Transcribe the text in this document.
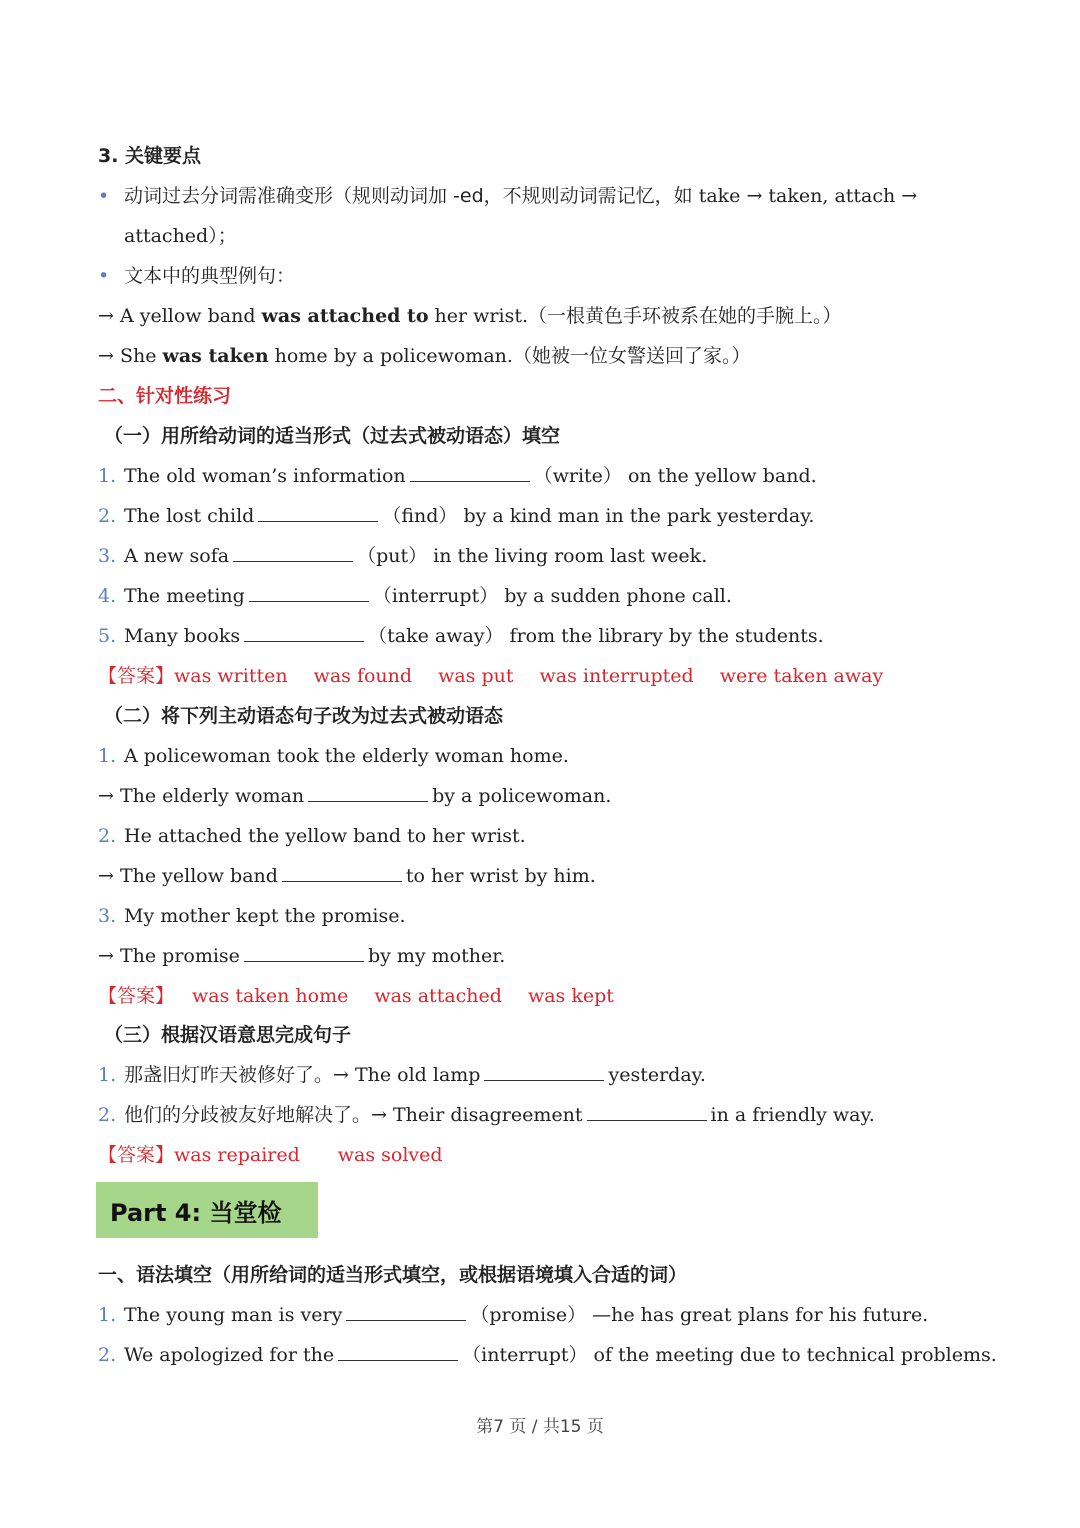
3. 关键要点
• 动词过去分词需准确变形（规则动词加 -ed，不规则动词需记忆，如 take → taken, attach →
attached）；
• 文本中的典型例句：
→ A yellow band was attached to her wrist.（一根黄色手环被系在她的手腕上。）
→ She was taken home by a policewoman.（她被一位女警送回了家。）
二、针对性练习
（一）用所给动词的适当形式（过去式被动语态）填空
1. The old woman’s information	（write） on the yellow band.
2. The lost child	（find） by a kind man in the park yesterday.
3. A new sofa	（put） in the living room last week.
4. The meeting	（interrupt） by a sudden phone call.
5. Many books	（take away） from the library by the students.
【答案】was written was found was put was interrupted were taken away
（二）将下列主动语态句子改为过去式被动语态
1. A policewoman took the elderly woman home.
→ The elderly woman	by a policewoman.
2. He attached the yellow band to her wrist.
→ The yellow band	to her wrist by him.
3. My mother kept the promise.
→ The promise	by my mother.
【答案】 was taken home was attached was kept
（三）根据汉语意思完成句子
1. 那盏旧灯昨天被修好了。→ The old lamp	yesterday.
2. 他们的分歧被友好地解决了。→ Their disagreement	in a friendly way.
【答案】was repaired was solved
Part 4: 当堂检
一、语法填空（用所给词的适当形式填空，或根据语境填入合适的词）
1. The young man is very	（promise） —he has great plans for his future.
2. We apologized for the	（interrupt） of the meeting due to technical problems.
第7 页 / 共15 页
